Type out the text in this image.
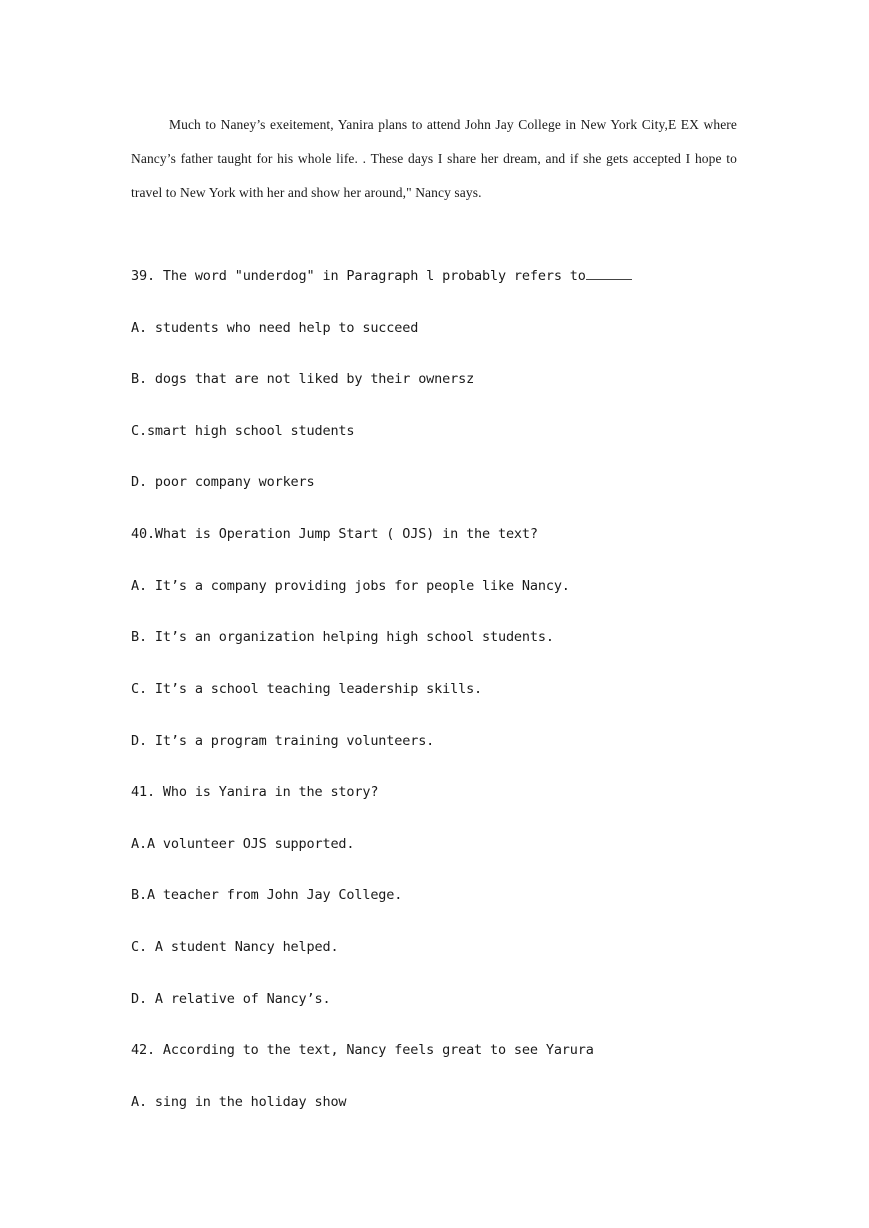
Much to Naney’s exeitement, Yanira plans to attend John Jay College in New York City,E EX where Nancy’s father taught for his whole life. . These days I share her dream, and if she gets accepted I hope to travel to New York with her and show her around," Nancy says.

39. The word "underdog" in Paragraph l probably refers to
A. students who need help to succeed
B. dogs that are not liked by their ownersz
C.smart high school students
D. poor company workers
40.What is Operation Jump Start ( OJS) in the text?
A. It’s a company providing jobs for people like Nancy.
B. It’s an organization helping high school students.
C. It’s a school teaching leadership skills.
D. It’s a program training volunteers.
41. Who is Yanira in the story?
A.A volunteer OJS supported.
B.A teacher from John Jay College.
C. A student Nancy helped.
D. A relative of Nancy’s.
42. According to the text, Nancy feels great to see Yarura
A. sing in the holiday show
